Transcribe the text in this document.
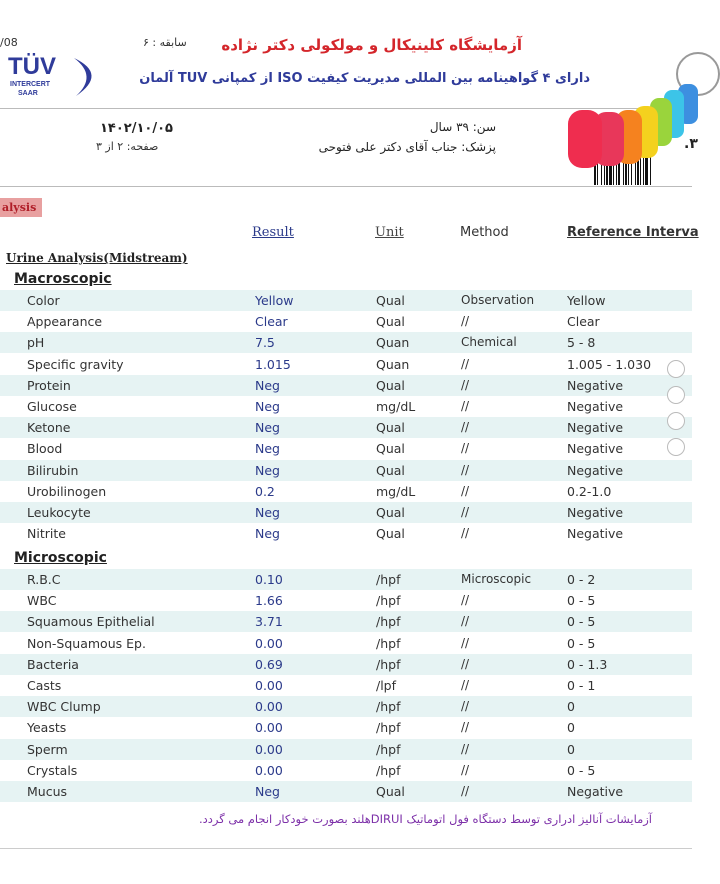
/08
TÜV
INTERCERT
SAAR
سابقه : ۶ آزمایشگاه کلینیکال و مولکولی دکتر نژاده
دارای ۴ گواهینامه بین المللی مدیریت کیفیت ISO از کمپانی TUV آلمان
۱۴۰۲/۱۰/۰۵
صفحه: ۲ از ۳
سن: ۳۹ سال
پزشک: جناب آقای دکتر علی فتوحی	.۳
alysis
Result	Unit	Method	Reference Interva
Urine Analysis(Midstream)
Macroscopic
Microscopic
Color	Yellow	Qual	Observation	Yellow
Appearance	Clear	Qual	//	Clear
pH	7.5	Quan	Chemical	5 - 8
Specific gravity	1.015	Quan	//	1.005 - 1.030
Protein	Neg	Qual	//	Negative
Glucose	Neg	mg/dL	//	Negative
Ketone	Neg	Qual	//	Negative
Blood	Neg	Qual	//	Negative
Bilirubin	Neg	Qual	//	Negative
Urobilinogen	0.2	mg/dL	//	0.2-1.0
Leukocyte	Neg	Qual	//	Negative
Nitrite	Neg	Qual	//	Negative
R.B.C	0.10	/hpf	Microscopic	0 - 2
WBC	1.66	/hpf	//	0 - 5
Squamous Epithelial	3.71	/hpf	//	0 - 5
Non-Squamous Ep.	0.00	/hpf	//	0 - 5
Bacteria	0.69	/hpf	//	0 - 1.3
Casts	0.00	/lpf	//	0 - 1
WBC Clump	0.00	/hpf	//	0
Yeasts	0.00	/hpf	//	0
Sperm	0.00	/hpf	//	0
Crystals	0.00	/hpf	//	0 - 5
Mucus	Neg	Qual	//	Negative
آزمایشات آنالیز ادراری توسط دستگاه فول اتوماتیک DIRUIهلند بصورت خودکار انجام می گردد.
